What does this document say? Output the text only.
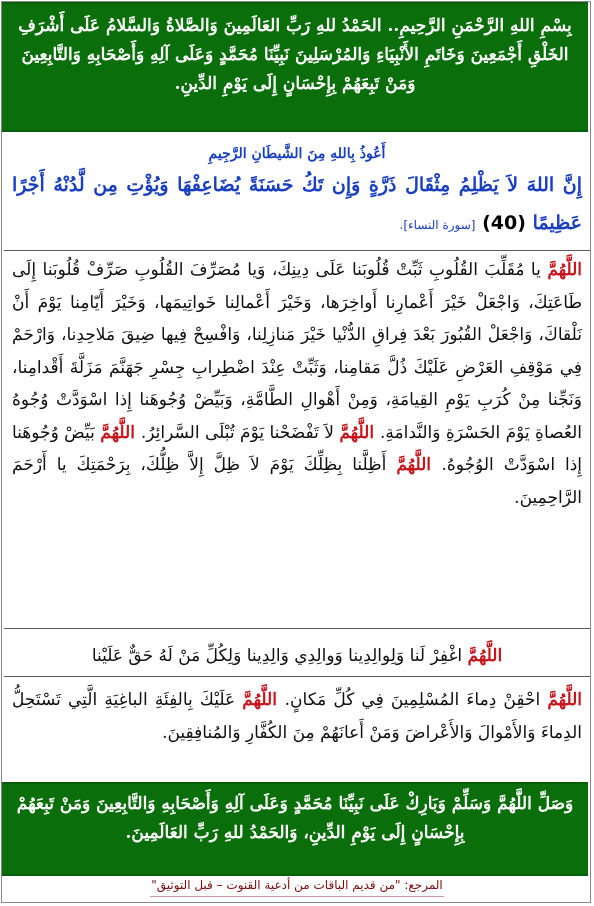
بِسْمِ اللهِ الرَّحْمَنِ الرَّحِيمِ.. الحَمْدُ للهِ رَبِّ العَالَمِينَ وَالصَّلاةُ وَالسَّلامُ عَلَى أَشْرَفِ الخَلْقِ أَجْمَعِينَ وَخَاتَمِ الأَنْبِيَاءِ وَالمُرْسَلِينَ نَبِيِّنَا مُحَمَّدٍ وَعَلَى آلِهِ وَأَصْحَابِهِ وَالتَّابِعِينَ وَمَنْ تَبِعَهُمْ بِإِحْسَانٍ إِلَى يَوْمِ الدِّينِ.
أَعُوذُ بِاللهِ مِنَ الشَّيطَانِ الرَّجِيمِ
إِنَّ اللهَ لاَ يَظْلِمُ مِثْقَالَ ذَرَّةٍ وَإِن تَكُ حَسَنَةً يُضَاعِفْهَا وَيُؤْتِ مِن لَّدُنْهُ أَجْرًا عَظِيمًا (40) [سورة النساء].
اللَّهُمَّ يا مُقَلِّبَ القُلُوبِ ثَبِّتْ قُلُوبَنا عَلَى دِينِكَ، وَيا مُصَرِّفَ القُلُوبِ صَرِّفْ قُلُوبَنا إِلَى طَاعَتِكَ، وَاجْعَلْ خَيْرَ أَعْمارِنا أَواخِرَها، وَخَيْرَ أَعْمالِنا خَواتِيمَها، وَخَيْرَ أَيّامِنا يَوْمَ أَنْ نَلْقاكَ، وَاجْعَلْ القُبُورَ بَعْدَ فِراقِ الدُّنْيا خَيْرَ مَنازِلِنا، وَافْسِحْ فِيها ضِيقَ مَلاحِدِنا، وَارْحَمْ فِي مَوْقِفِ العَرْضِ عَلَيْكَ ذُلَّ مَقامِنا، وَثَبِّتْ عِنْدَ اضْطِرابِ جِسْرِ جَهَنَّمَ مَزَلَّةَ أَقْدامِنا، وَنَجِّنا مِنْ كُرَبِ يَوْمِ القِيامَةِ، وَمِنْ أَهْوالِ الطَّامَّةِ، وَبَيِّضْ وُجُوهَنا إِذا اسْوَدَّتْ وُجُوهُ العُصاةِ يَوْمَ الحَسْرَةِ وَالنَّدامَةِ. اللَّهُمَّ لاَ تَفْضَحْنا يَوْمَ تُبْلَى السَّرائِرُ. اللَّهُمَّ بَيِّضْ وُجُوهَنا إِذا اسْوَدَّتْ الوُجُوهُ. اللَّهُمَّ أَظِلَّنا بِظِلِّكَ يَوْمَ لاَ ظِلَّ إِلاَّ ظِلُّكَ، بِرَحْمَتِكَ يا أَرْحَمَ الرَّاحِمِينَ.
اللَّهُمَّ اغْفِرْ لَنا وَلِوالِدِينا وَوالِدِي وَالِدِينا وَلِكُلِّ مَنْ لَهُ حَقٌّ عَلَيْنا
اللَّهُمَّ احْقِنْ دِماءَ المُسْلِمِينَ فِي كُلِّ مَكانٍ. اللَّهُمَّ عَلَيْكَ بِالفِئَةِ الباغِيَةِ الَّتِي تَسْتَحِلُّ الدِماءَ وَالأَمْوالَ وَالأَعْراضَ وَمَنْ أَعانَهُمْ مِنَ الكُفَّارِ وَالمُنافِقِينَ.
وَصَلِّ اللَّهُمَّ وَسَلِّمْ وَبَارِكْ عَلَى نَبِيِّنَا مُحَمَّدٍ وَعَلَى آلِهِ وَأَصْحَابِهِ وَالتَّابِعِينَ وَمَنْ تَبِعَهُمْ بِإِحْسَانٍ إِلَى يَوْمِ الدِّينِ، وَالحَمْدُ للهِ رَبِّ العَالَمِينَ.
المرجع: "من قديم الباقات من أدعية القنوت – قبل التوثيق"
